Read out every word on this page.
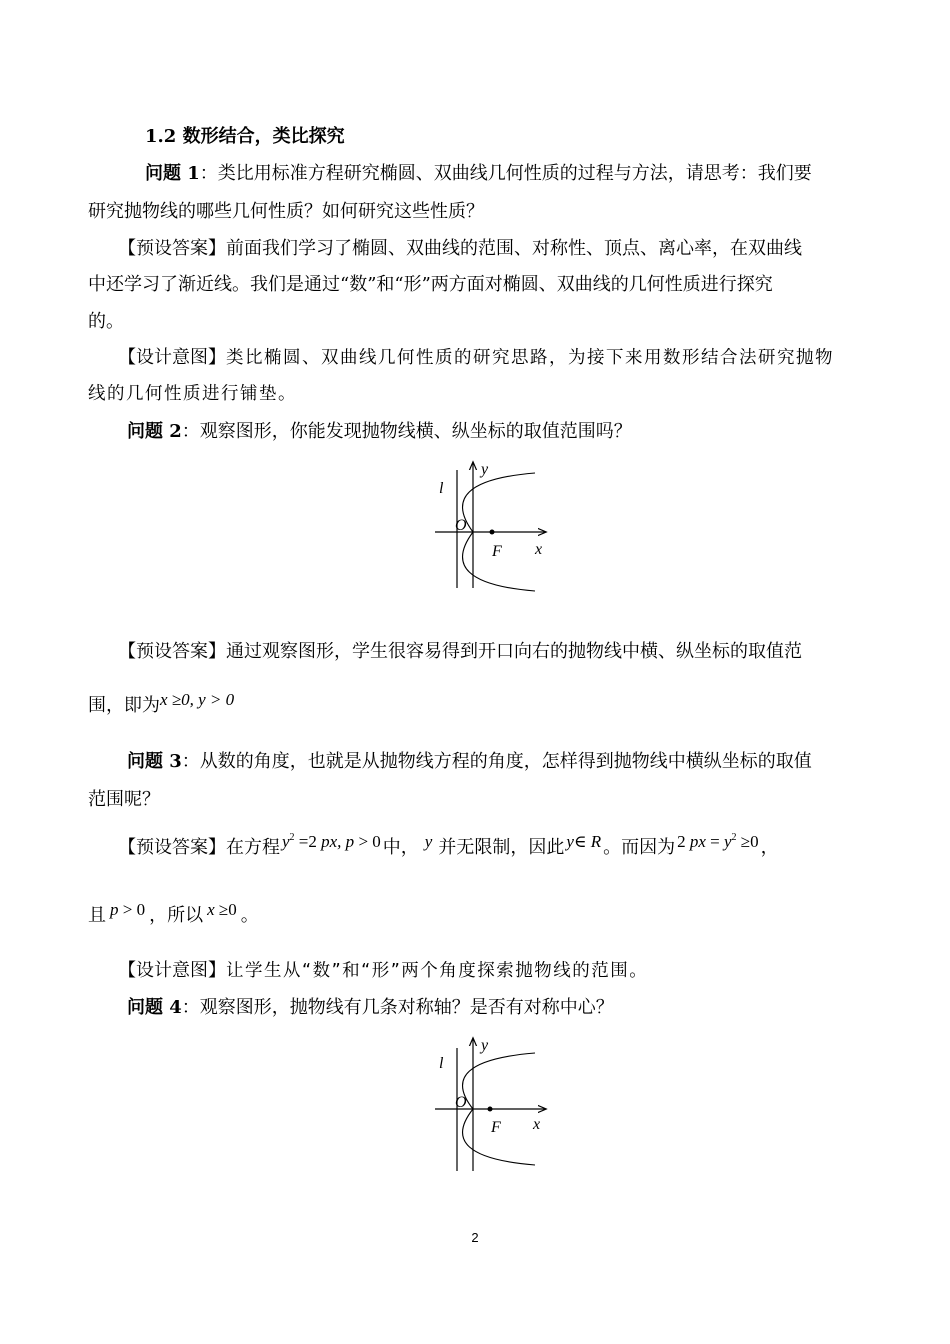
1.2 数形结合，类比探究
问题 1：类比用标准方程研究椭圆、双曲线几何性质的过程与方法，请思考：我们要
研究抛物线的哪些几何性质？如何研究这些性质？
【预设答案】前面我们学习了椭圆、双曲线的范围、对称性、顶点、离心率，在双曲线
中还学习了渐近线。我们是通过“数”和“形”两方面对椭圆、双曲线的几何性质进行探究
的。
【设计意图】类比椭圆、双曲线几何性质的研究思路，为接下来用数形结合法研究抛物
线的几何性质进行铺垫。
问题 2：观察图形，你能发现抛物线横、纵坐标的取值范围吗？
y
x
l
O
F
【预设答案】通过观察图形，学生很容易得到开口向右的抛物线中横、纵坐标的取值范
围，即为x ≥0, y > 0
问题 3：从数的角度，也就是从抛物线方程的角度，怎样得到抛物线中横纵坐标的取值
范围呢？
【预设答案】在方程 $y^2 =2$ px, p > 0 中， y 并无限制，因此 y∈ R 。而因为 2 px = $y^2 \ge 0$ ，
且 p > 0 ，所以 x ≥0 。
【设计意图】让学生从“数”和“形”两个角度探索抛物线的范围。
问题 4：观察图形，抛物线有几条对称轴？是否有对称中心？
y
x
l
O
F
2
